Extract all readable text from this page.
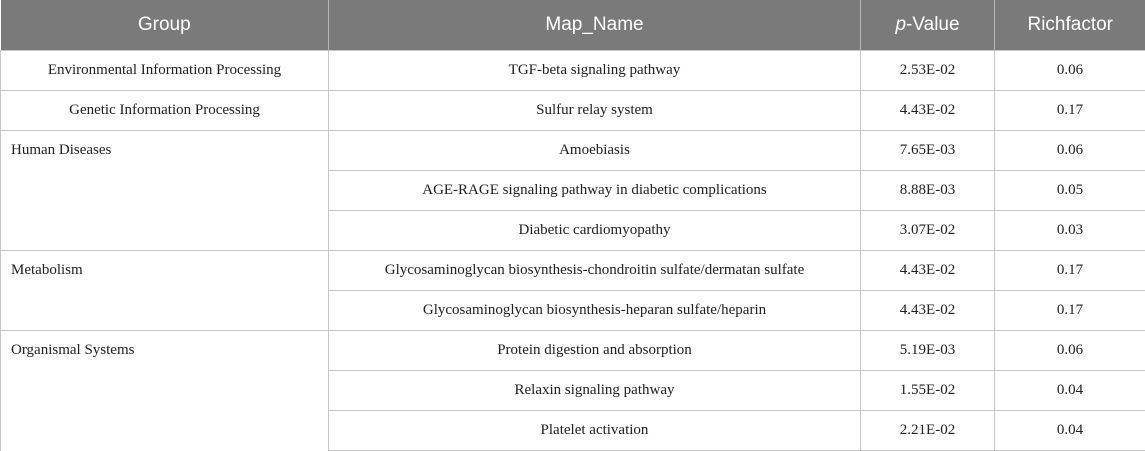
Group	Map_Name	p-Value	Richfactor
Environmental Information Processing	TGF-beta signaling pathway	2.53E-02	0.06
Genetic Information Processing	Sulfur relay system	4.43E-02	0.17
Human Diseases	Amoebiasis	7.65E-03	0.06
	AGE-RAGE signaling pathway in diabetic complications	8.88E-03	0.05
	Diabetic cardiomyopathy	3.07E-02	0.03
Metabolism	Glycosaminoglycan biosynthesis-chondroitin sulfate/dermatan sulfate	4.43E-02	0.17
	Glycosaminoglycan biosynthesis-heparan sulfate/heparin	4.43E-02	0.17
Organismal Systems	Protein digestion and absorption	5.19E-03	0.06
	Relaxin signaling pathway	1.55E-02	0.04
	Platelet activation	2.21E-02	0.04
